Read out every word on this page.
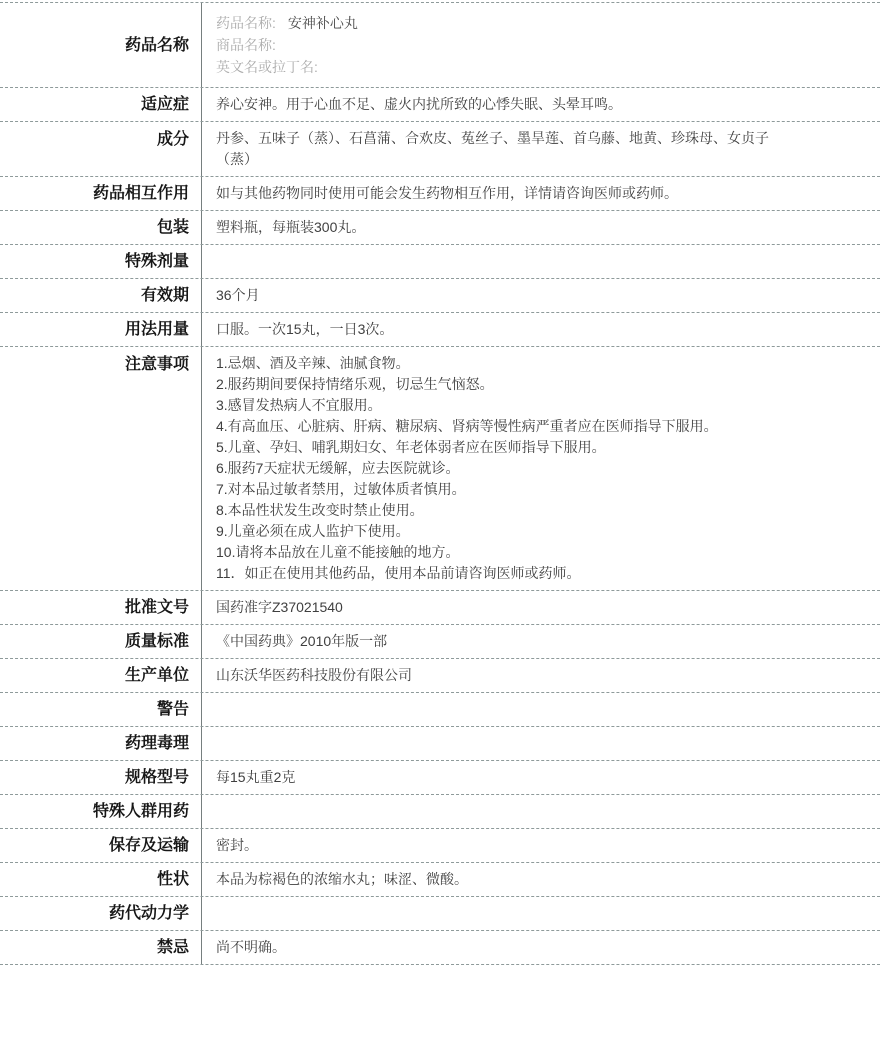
药品名称
药品名称: 安神补心丸
商品名称:
英文名或拉丁名:
适应症	养心安神。用于心血不足、虚火内扰所致的心悸失眠、头晕耳鸣。
成分	丹参、五味子（蒸）、石菖蒲、合欢皮、菟丝子、墨旱莲、首乌藤、地黄、珍珠母、女贞子（蒸）
药品相互作用	如与其他药物同时使用可能会发生药物相互作用，详情请咨询医师或药师。
包装	塑料瓶，每瓶装300丸。
特殊剂量
有效期	36个月
用法用量	口服。一次15丸，一日3次。
注意事项	1.忌烟、酒及辛辣、油腻食物。
2.服药期间要保持情绪乐观，切忌生气恼怒。
3.感冒发热病人不宜服用。
4.有高血压、心脏病、肝病、糖尿病、肾病等慢性病严重者应在医师指导下服用。
5.儿童、孕妇、哺乳期妇女、年老体弱者应在医师指导下服用。
6.服药7天症状无缓解，应去医院就诊。
7.对本品过敏者禁用，过敏体质者慎用。
8.本品性状发生改变时禁止使用。
9.儿童必须在成人监护下使用。
10.请将本品放在儿童不能接触的地方。
11．如正在使用其他药品，使用本品前请咨询医师或药师。
批准文号	国药准字Z37021540
质量标准	《中国药典》2010年版一部
生产单位	山东沃华医药科技股份有限公司
警告
药理毒理
规格型号	每15丸重2克
特殊人群用药
保存及运输	密封。
性状	本品为棕褐色的浓缩水丸；味涩、微酸。
药代动力学
禁忌	尚不明确。
